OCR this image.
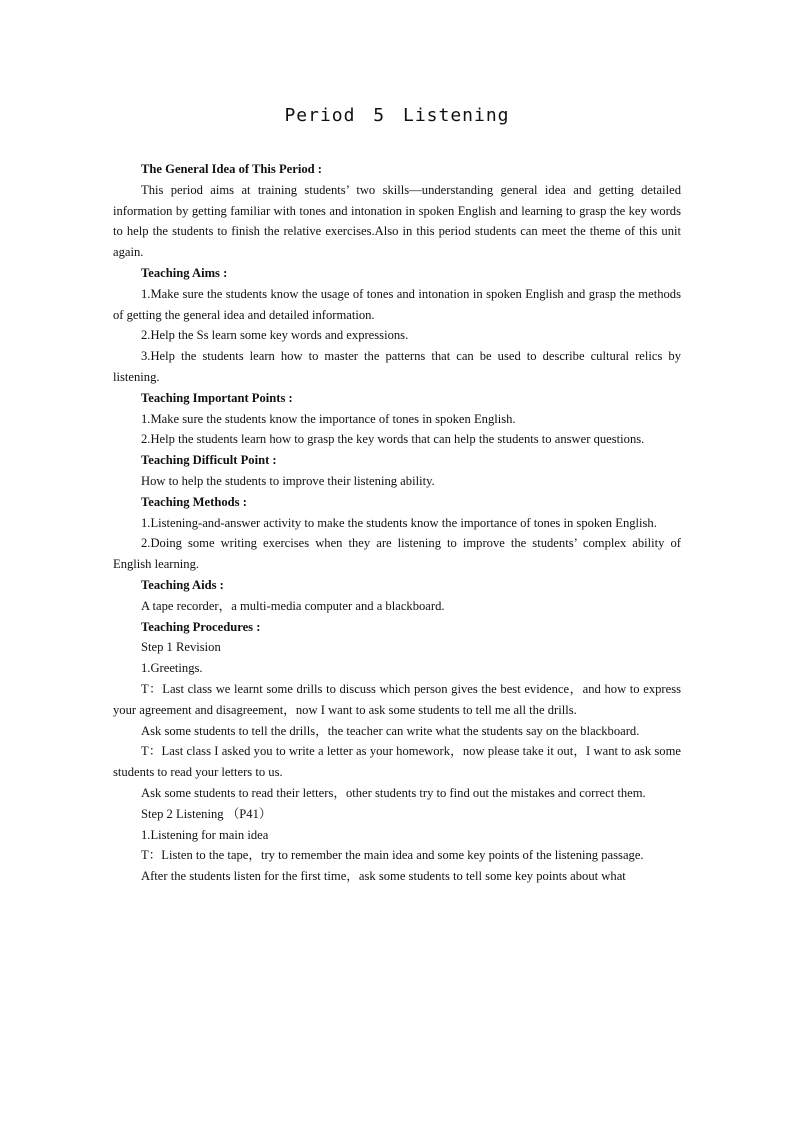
Period 5 Listening

The General Idea of This Period :

This period aims at training students’ two skills—understanding general idea and getting detailed information by getting familiar with tones and intonation in spoken English and learning to grasp the key words to help the students to finish the relative exercises.Also in this period students can meet the theme of this unit again.

Teaching Aims :

1.Make sure the students know the usage of tones and intonation in spoken English and grasp the methods of getting the general idea and detailed information.

2.Help the Ss learn some key words and expressions.

3.Help the students learn how to master the patterns that can be used to describe cultural relics by listening.

Teaching Important Points :

1.Make sure the students know the importance of tones in spoken English.

2.Help the students learn how to grasp the key words that can help the students to answer questions.

Teaching Difficult Point :

How to help the students to improve their listening ability.

Teaching Methods :

1.Listening-and-answer activity to make the students know the importance of tones in spoken English.

2.Doing some writing exercises when they are listening to improve the students’ complex ability of English learning.

Teaching Aids :

A tape recorder，a multi-media computer and a blackboard.

Teaching Procedures :

Step 1 Revision

1.Greetings.

T：Last class we learnt some drills to discuss which person gives the best evidence，and how to express your agreement and disagreement，now I want to ask some students to tell me all the drills.

Ask some students to tell the drills，the teacher can write what the students say on the blackboard.

T：Last class I asked you to write a letter as your homework，now please take it out，I want to ask some students to read your letters to us.

Ask some students to read their letters，other students try to find out the mistakes and correct them.

Step 2 Listening （P41）

1.Listening for main idea

T：Listen to the tape，try to remember the main idea and some key points of the listening passage.

After the students listen for the first time，ask some students to tell some key points about what
